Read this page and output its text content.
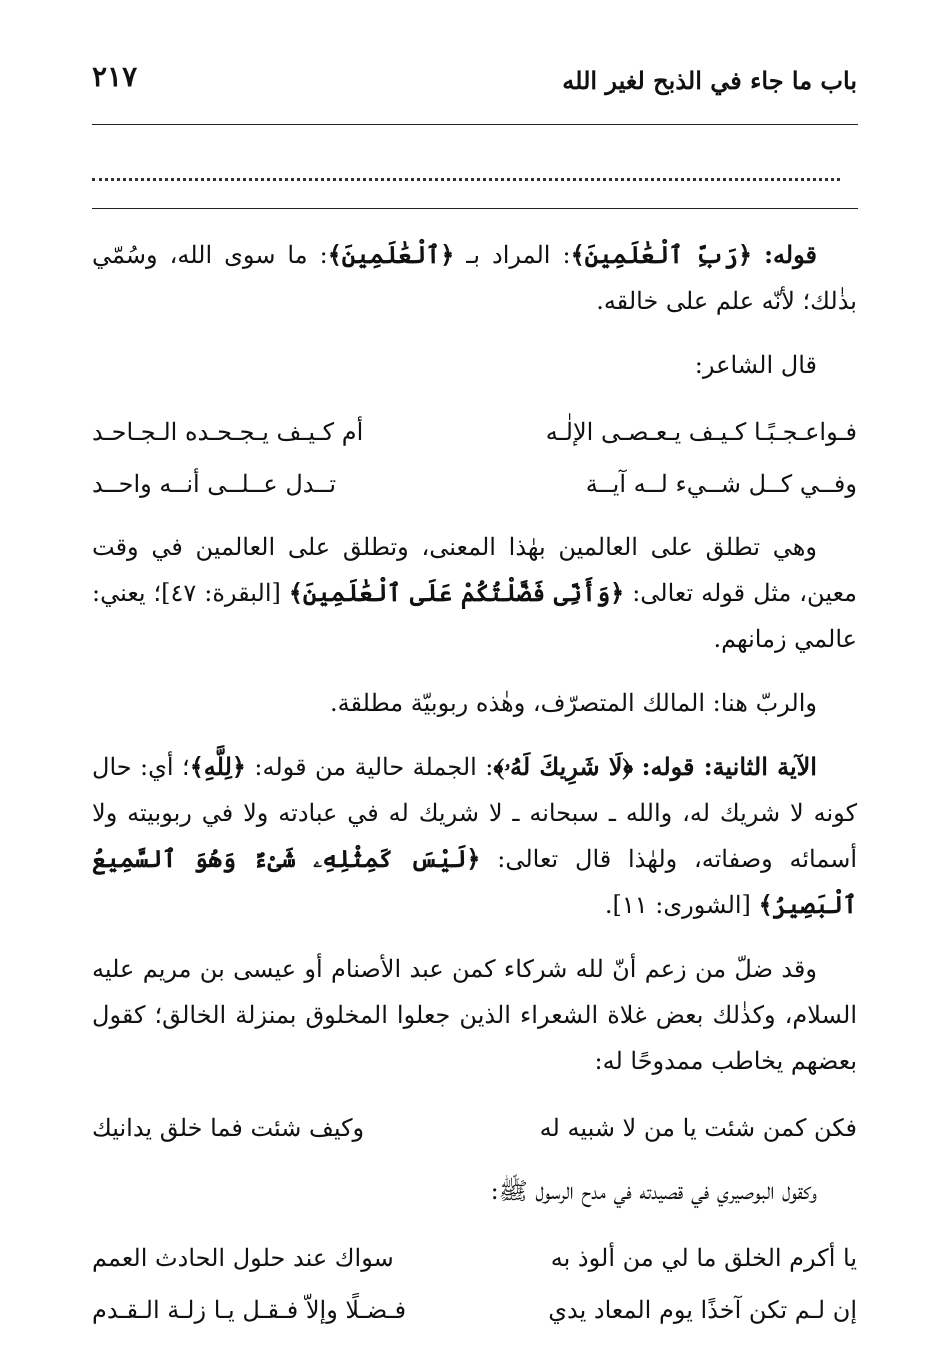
٢١٧	باب ما جاء في الذبح لغير الله

قوله: ﴿رَبِّ ٱلْعَٰلَمِينَ﴾: المراد بـ ﴿ٱلْعَٰلَمِينَ﴾: ما سوى الله، وسُمّي بذٰلك؛ لأنّه علم على خالقه.

قال الشاعر:

فـواعـجـبًـا كـيـف يـعـصـى الإلٰـه
أم كـيـف يـجـحـده الـجـاحـد
وفــي كــل شــيء لــه آيــة
تــدل عــلــى أنــه واحــد

وهي تطلق على العالمين بهٰذا المعنى، وتطلق على العالمين في وقت معين، مثل قوله تعالى: ﴿وَأَنِّى فَضَّلْتُكُمْ عَلَى ٱلْعَٰلَمِينَ﴾ [البقرة: ٤٧]؛ يعني: عالمي زمانهم.

والربّ هنا: المالك المتصرّف، وهٰذه ربوبيّة مطلقة.

الآية الثانية: قوله: ﴿لَا شَرِيكَ لَهُۥ﴾: الجملة حالية من قوله: ﴿لِلَّهِ﴾؛ أي: حال كونه لا شريك له، والله ـ سبحانه ـ لا شريك له في عبادته ولا في ربوبيته ولا أسمائه وصفاته، ولهٰذا قال تعالى: ﴿لَيْسَ كَمِثْلِهِۦ شَىْءٌ وَهُوَ ٱلسَّمِيعُ ٱلْبَصِيرُ﴾ [الشورى: ١١].

وقد ضلّ من زعم أنّ لله شركاء كمن عبد الأصنام أو عيسى بن مريم عليه السلام، وكذٰلك بعض غلاة الشعراء الذين جعلوا المخلوق بمنزلة الخالق؛ كقول بعضهم يخاطب ممدوحًا له:

فكن كمن شئت يا من لا شبيه له
وكيف شئت فما خلق يدانيك

وكقول البوصيري في قصيدته في مدح الرسول ﷺ:

يا أكرم الخلق ما لي من ألوذ به
سواك عند حلول الحادث العمم
إن لـم تكن آخذًا يوم المعاد يدي
فـضـلًا وإلاّ فـقـل يـا زلـة الـقـدم
